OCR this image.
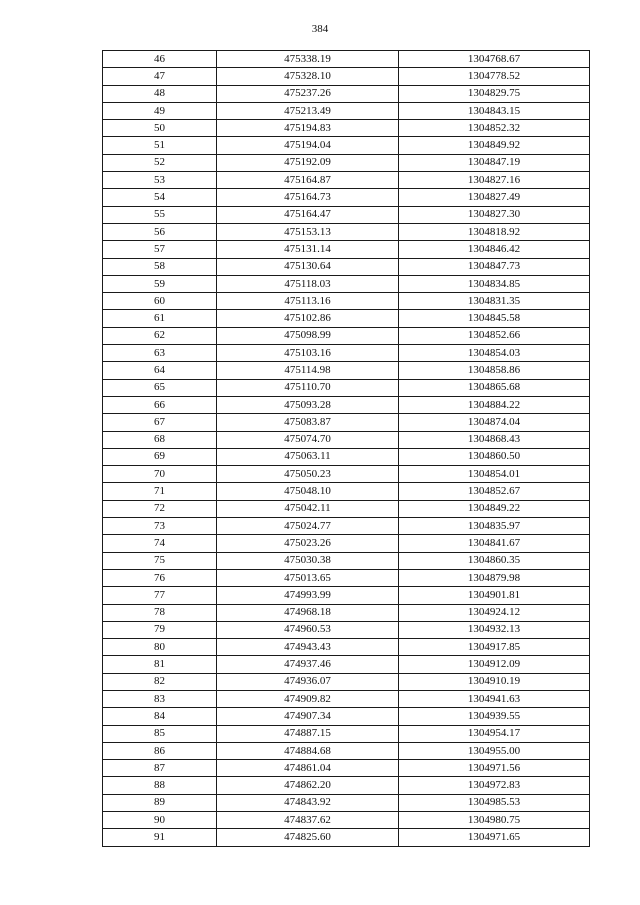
384
46	475338.19	1304768.67
47	475328.10	1304778.52
48	475237.26	1304829.75
49	475213.49	1304843.15
50	475194.83	1304852.32
51	475194.04	1304849.92
52	475192.09	1304847.19
53	475164.87	1304827.16
54	475164.73	1304827.49
55	475164.47	1304827.30
56	475153.13	1304818.92
57	475131.14	1304846.42
58	475130.64	1304847.73
59	475118.03	1304834.85
60	475113.16	1304831.35
61	475102.86	1304845.58
62	475098.99	1304852.66
63	475103.16	1304854.03
64	475114.98	1304858.86
65	475110.70	1304865.68
66	475093.28	1304884.22
67	475083.87	1304874.04
68	475074.70	1304868.43
69	475063.11	1304860.50
70	475050.23	1304854.01
71	475048.10	1304852.67
72	475042.11	1304849.22
73	475024.77	1304835.97
74	475023.26	1304841.67
75	475030.38	1304860.35
76	475013.65	1304879.98
77	474993.99	1304901.81
78	474968.18	1304924.12
79	474960.53	1304932.13
80	474943.43	1304917.85
81	474937.46	1304912.09
82	474936.07	1304910.19
83	474909.82	1304941.63
84	474907.34	1304939.55
85	474887.15	1304954.17
86	474884.68	1304955.00
87	474861.04	1304971.56
88	474862.20	1304972.83
89	474843.92	1304985.53
90	474837.62	1304980.75
91	474825.60	1304971.65
